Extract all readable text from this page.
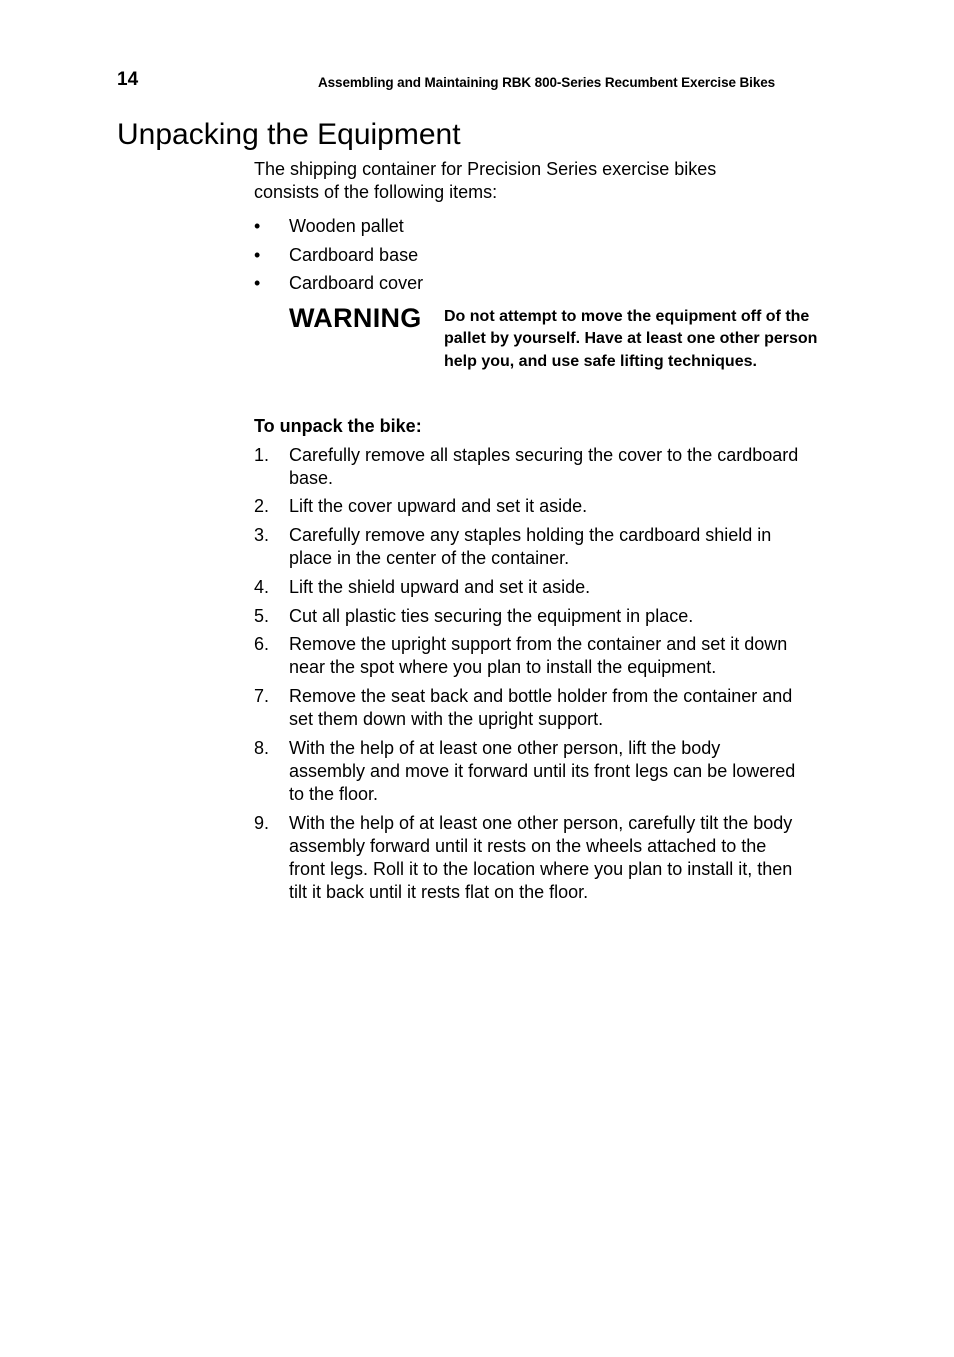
14	Assembling and Maintaining RBK 800-Series Recumbent Exercise Bikes
Unpacking the Equipment

The shipping container for Precision Series exercise bikes consists of the following items:

• Wooden pallet
• Cardboard base
• Cardboard cover
WARNING Do not attempt to move the equipment off of the pallet by yourself. Have at least one other person help you, and use safe lifting techniques.

To unpack the bike:

1. Carefully remove all staples securing the cover to the cardboard base.
2. Lift the cover upward and set it aside.
3. Carefully remove any staples holding the cardboard shield in place in the center of the container.
4. Lift the shield upward and set it aside.
5. Cut all plastic ties securing the equipment in place.
6. Remove the upright support from the container and set it down near the spot where you plan to install the equipment.
7. Remove the seat back and bottle holder from the container and set them down with the upright support.
8. With the help of at least one other person, lift the body assembly and move it forward until its front legs can be lowered to the floor.
9. With the help of at least one other person, carefully tilt the body assembly forward until it rests on the wheels attached to the front legs. Roll it to the location where you plan to install it, then tilt it back until it rests flat on the floor.
